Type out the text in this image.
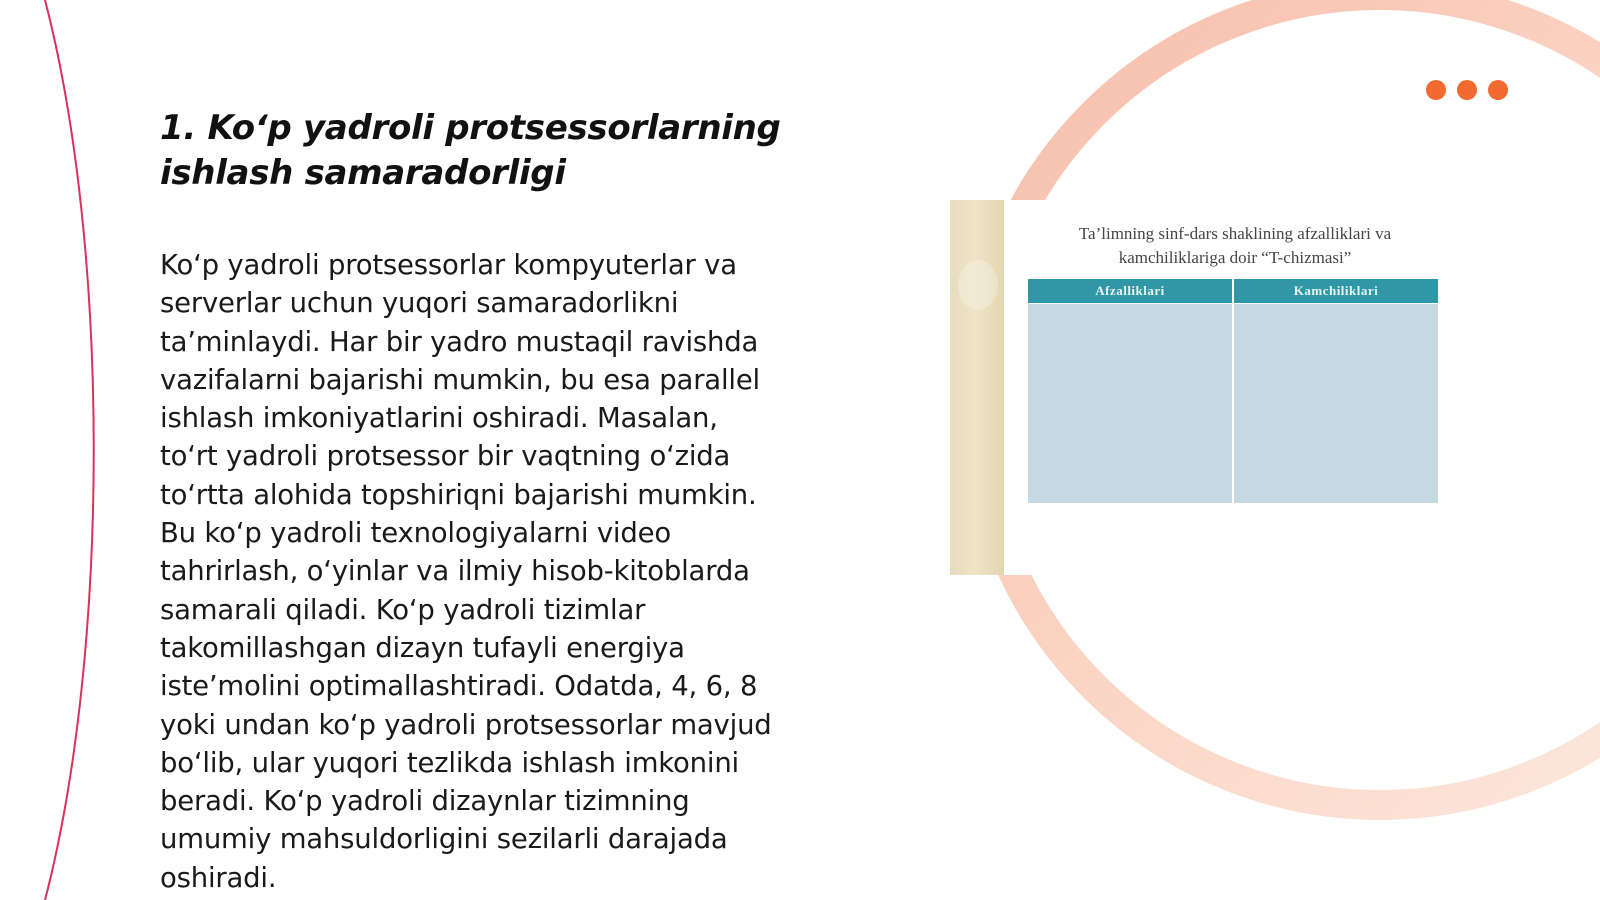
1. Ko‘p yadroli protsessorlarning
ishlash samaradorligi

Ko‘p yadroli protsessorlar kompyuterlar va
serverlar uchun yuqori samaradorlikni
ta’minlaydi. Har bir yadro mustaqil ravishda
vazifalarni bajarishi mumkin, bu esa parallel
ishlash imkoniyatlarini oshiradi. Masalan,
to‘rt yadroli protsessor bir vaqtning o‘zida
to‘rtta alohida topshiriqni bajarishi mumkin.
Bu ko‘p yadroli texnologiyalarni video
tahrirlash, o‘yinlar va ilmiy hisob-kitoblarda
samarali qiladi. Ko‘p yadroli tizimlar
takomillashgan dizayn tufayli energiya
iste’molini optimallashtiradi. Odatda, 4, 6, 8
yoki undan ko‘p yadroli protsessorlar mavjud
bo‘lib, ular yuqori tezlikda ishlash imkonini
beradi. Ko‘p yadroli dizaynlar tizimning
umumiy mahsuldorligini sezilarli darajada
oshiradi.

Ta’limning sinf-dars shaklining afzalliklari va
kamchiliklariga doir “T-chizmasi”
Afzalliklari	Kamchiliklari
